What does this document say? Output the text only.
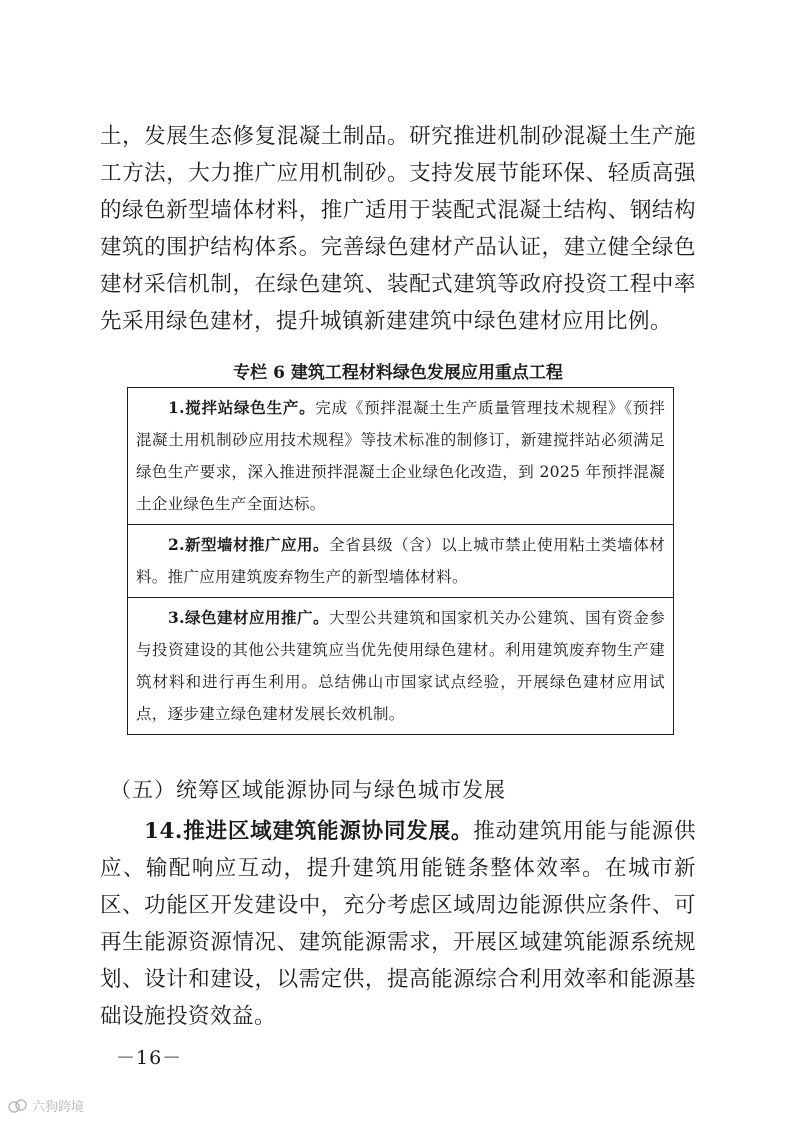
土，发展生态修复混凝土制品。研究推进机制砂混凝土生产施工方法，大力推广应用机制砂。支持发展节能环保、轻质高强的绿色新型墙体材料，推广适用于装配式混凝土结构、钢结构建筑的围护结构体系。完善绿色建材产品认证，建立健全绿色建材采信机制，在绿色建筑、装配式建筑等政府投资工程中率先采用绿色建材，提升城镇新建建筑中绿色建材应用比例。
专栏 6 建筑工程材料绿色发展应用重点工程
1.搅拌站绿色生产。完成《预拌混凝土生产质量管理技术规程》《预拌混凝土用机制砂应用技术规程》等技术标准的制修订，新建搅拌站必须满足绿色生产要求，深入推进预拌混凝土企业绿色化改造，到 2025 年预拌混凝土企业绿色生产全面达标。
2.新型墙材推广应用。全省县级（含）以上城市禁止使用粘土类墙体材料。推广应用建筑废弃物生产的新型墙体材料。
3.绿色建材应用推广。大型公共建筑和国家机关办公建筑、国有资金参与投资建设的其他公共建筑应当优先使用绿色建材。利用建筑废弃物生产建筑材料和进行再生利用。总结佛山市国家试点经验，开展绿色建材应用试点，逐步建立绿色建材发展长效机制。
（五）统筹区域能源协同与绿色城市发展
14.推进区域建筑能源协同发展。推动建筑用能与能源供应、输配响应互动，提升建筑用能链条整体效率。在城市新区、功能区开发建设中，充分考虑区域周边能源供应条件、可再生能源资源情况、建筑能源需求，开展区域建筑能源系统规划、设计和建设，以需定供，提高能源综合利用效率和能源基础设施投资效益。
－16－
六狗跨境
